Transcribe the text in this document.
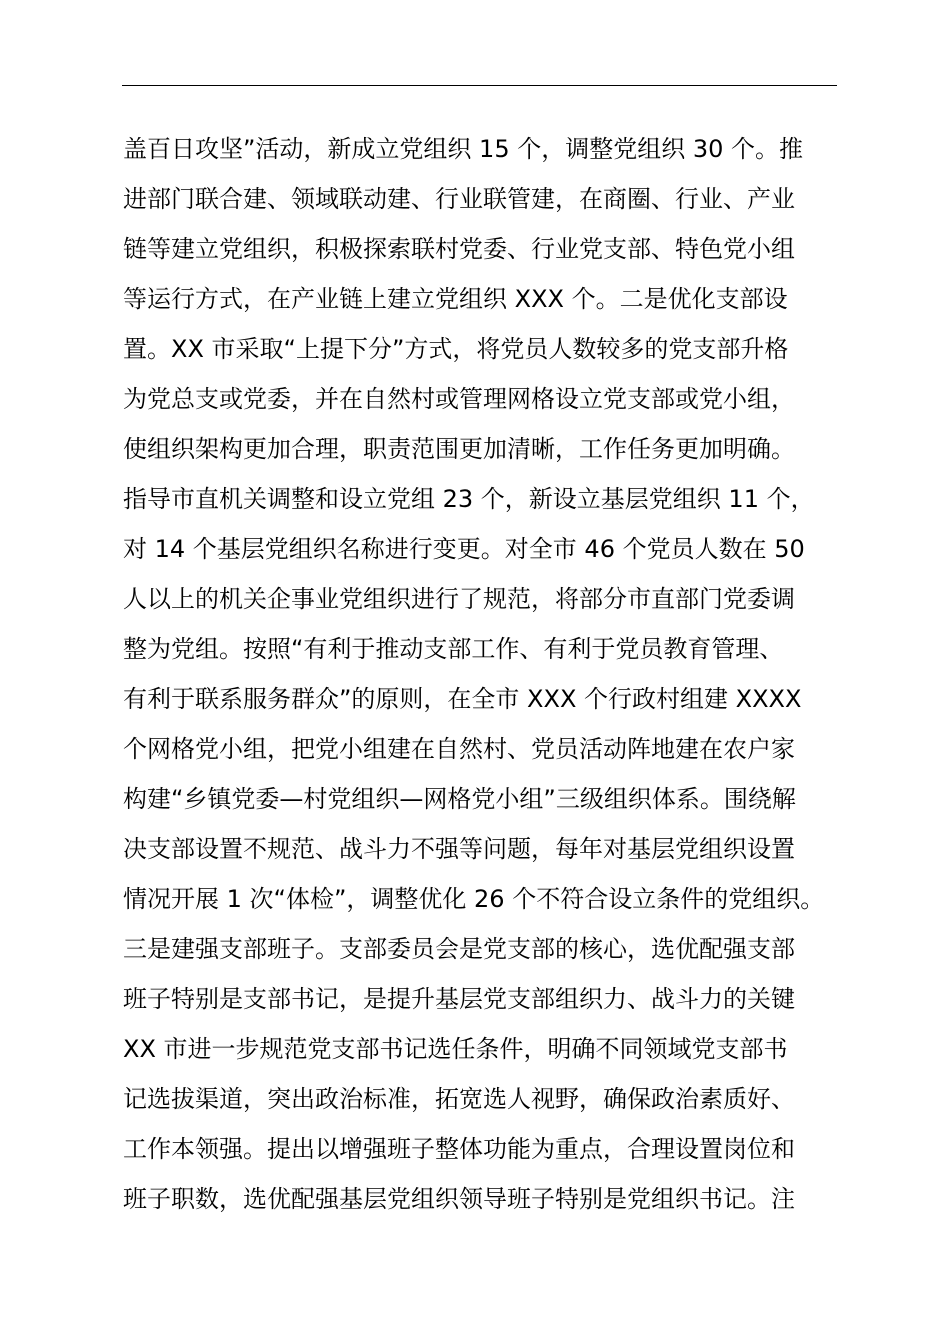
盖百日攻坚”活动，新成立党组织 15 个，调整党组织 30 个。推
进部门联合建、领域联动建、行业联管建，在商圈、行业、产业
链等建立党组织，积极探索联村党委、行业党支部、特色党小组
等运行方式，在产业链上建立党组织 XXX 个。二是优化支部设
置。XX 市采取“上提下分”方式，将党员人数较多的党支部升格
为党总支或党委，并在自然村或管理网格设立党支部或党小组，
使组织架构更加合理，职责范围更加清晰，工作任务更加明确。
指导市直机关调整和设立党组 23 个，新设立基层党组织 11 个，
对 14 个基层党组织名称进行变更。对全市 46 个党员人数在 50
人以上的机关企事业党组织进行了规范，将部分市直部门党委调
整为党组。按照“有利于推动支部工作、有利于党员教育管理、
有利于联系服务群众”的原则，在全市 XXX 个行政村组建 XXXX
个网格党小组，把党小组建在自然村、党员活动阵地建在农户家
构建“乡镇党委—村党组织—网格党小组”三级组织体系。围绕解
决支部设置不规范、战斗力不强等问题，每年对基层党组织设置
情况开展 1 次“体检”，调整优化 26 个不符合设立条件的党组织。
三是建强支部班子。支部委员会是党支部的核心，选优配强支部
班子特别是支部书记，是提升基层党支部组织力、战斗力的关键
XX 市进一步规范党支部书记选任条件，明确不同领域党支部书
记选拔渠道，突出政治标准，拓宽选人视野，确保政治素质好、
工作本领强。提出以增强班子整体功能为重点，合理设置岗位和
班子职数，选优配强基层党组织领导班子特别是党组织书记。注
